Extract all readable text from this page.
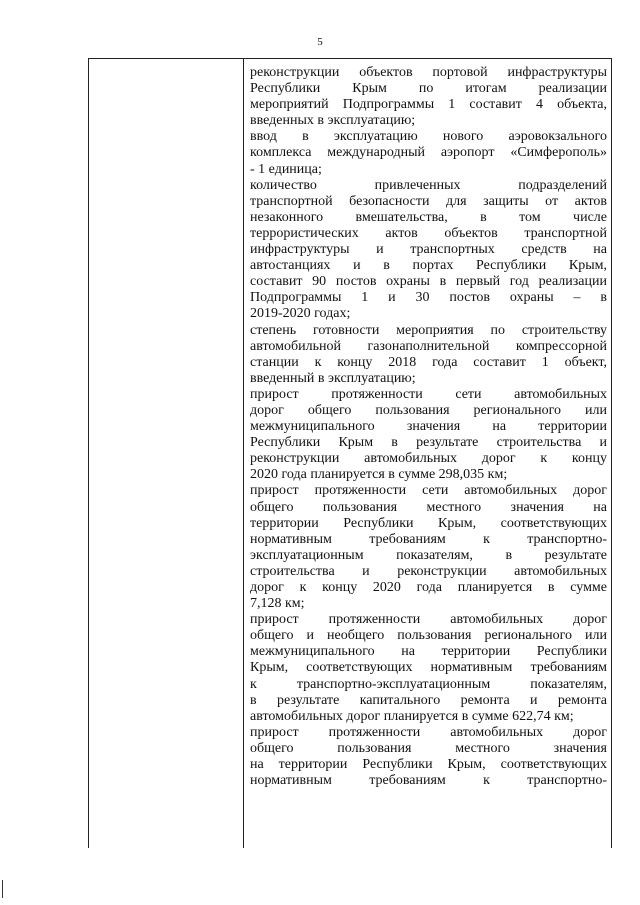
5
реконструкции объектов портовой инфраструктуры
Республики Крым по итогам реализации
мероприятий Подпрограммы 1 составит 4 объекта,
введенных в эксплуатацию;
ввод в эксплуатацию нового аэровокзального
комплекса международный аэропорт «Симферополь»
- 1 единица;
количество привлеченных подразделений
транспортной безопасности для защиты от актов
незаконного вмешательства, в том числе
террористических актов объектов транспортной
инфраструктуры и транспортных средств на
автостанциях и в портах Республики Крым,
составит 90 постов охраны в первый год реализации
Подпрограммы 1 и 30 постов охраны – в
2019-2020 годах;
степень готовности мероприятия по строительству
автомобильной газонаполнительной компрессорной
станции к концу 2018 года составит 1 объект,
введенный в эксплуатацию;
прирост протяженности сети автомобильных
дорог общего пользования регионального или
межмуниципального значения на территории
Республики Крым в результате строительства и
реконструкции автомобильных дорог к концу
2020 года планируется в сумме 298,035 км;
прирост протяженности сети автомобильных дорог
общего пользования местного значения на
территории Республики Крым, соответствующих
нормативным требованиям к транспортно-
эксплуатационным показателям, в результате
строительства и реконструкции автомобильных
дорог к концу 2020 года планируется в сумме
7,128 км;
прирост протяженности автомобильных дорог
общего и необщего пользования регионального или
межмуниципального на территории Республики
Крым, соответствующих нормативным требованиям
к транспортно-эксплуатационным показателям,
в результате капитального ремонта и ремонта
автомобильных дорог планируется в сумме 622,74 км;
прирост протяженности автомобильных дорог
общего пользования местного значения
на территории Республики Крым, соответствующих
нормативным требованиям к транспортно-
